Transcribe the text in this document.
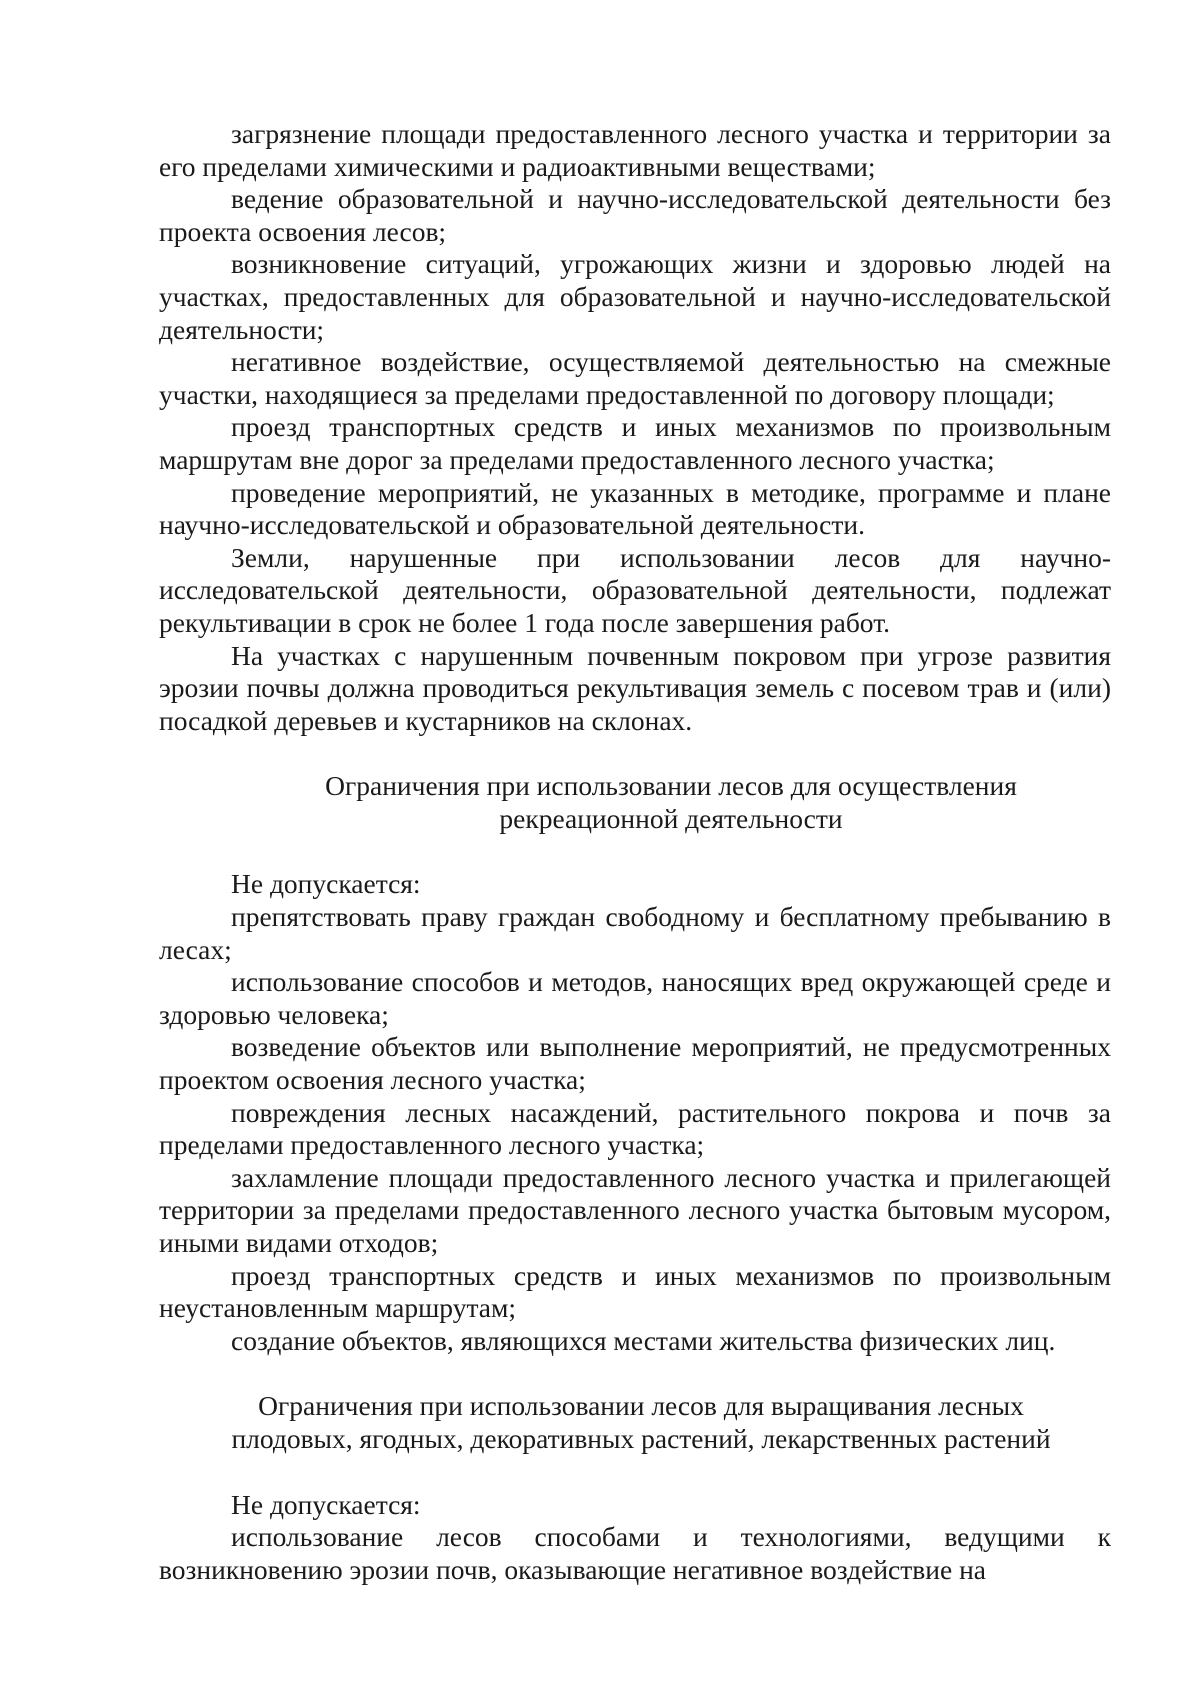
загрязнение площади предоставленного лесного участка и территории за его пределами химическими и радиоактивными веществами;

ведение образовательной и научно-исследовательской деятельности без проекта освоения лесов;

возникновение ситуаций, угрожающих жизни и здоровью людей на участках, предоставленных для образовательной и научно-исследовательской деятельности;

негативное воздействие, осуществляемой деятельностью на смежные участки, находящиеся за пределами предоставленной по договору площади;

проезд транспортных средств и иных механизмов по произвольным маршрутам вне дорог за пределами предоставленного лесного участка;

проведение мероприятий, не указанных в методике, программе и плане научно-исследовательской и образовательной деятельности.

Земли, нарушенные при использовании лесов для научно-исследовательской деятельности, образовательной деятельности, подлежат рекультивации в срок не более 1 года после завершения работ.

На участках с нарушенным почвенным покровом при угрозе развития эрозии почвы должна проводиться рекультивация земель с посевом трав и (или) посадкой деревьев и кустарников на склонах.

Ограничения при использовании лесов для осуществления

рекреационной деятельности

Не допускается:

препятствовать праву граждан свободному и бесплатному пребыванию в лесах;

использование способов и методов, наносящих вред окружающей среде и здоровью человека;

возведение объектов или выполнение мероприятий, не предусмотренных проектом освоения лесного участка;

повреждения лесных насаждений, растительного покрова и почв за пределами предоставленного лесного участка;

захламление площади предоставленного лесного участка и прилегающей территории за пределами предоставленного лесного участка бытовым мусором, иными видами отходов;

проезд транспортных средств и иных механизмов по произвольным неустановленным маршрутам;

создание объектов, являющихся местами жительства физических лиц.

Ограничения при использовании лесов для выращивания лесных

плодовых, ягодных, декоративных растений, лекарственных растений

Не допускается:

использование лесов способами и технологиями, ведущими к возникновению эрозии почв, оказывающие негативное воздействие на
